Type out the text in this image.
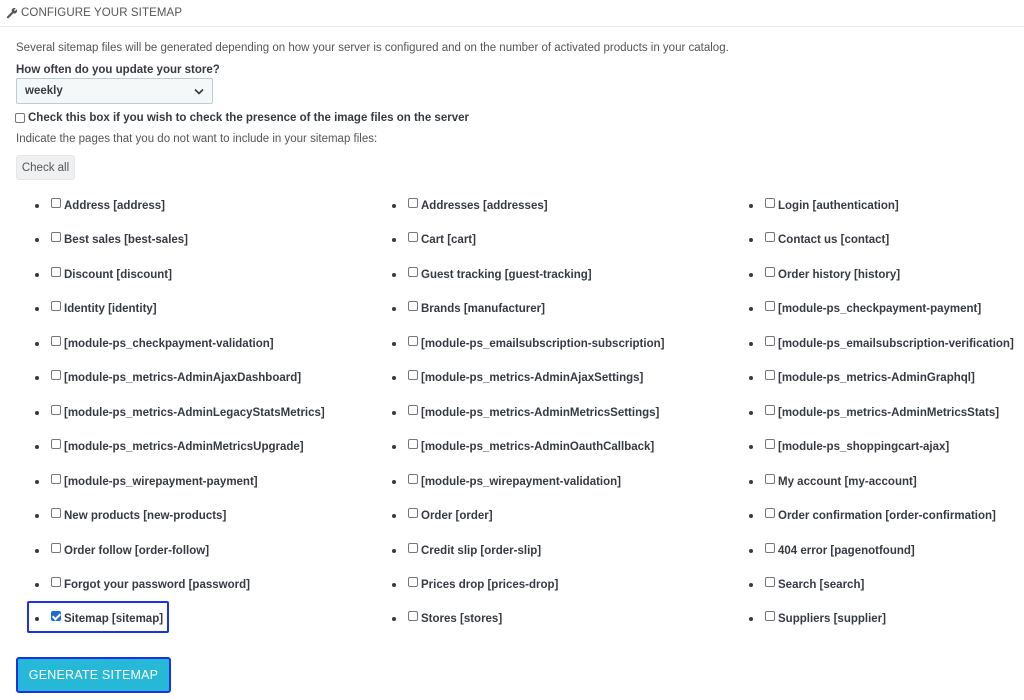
CONFIGURE YOUR SITEMAP
Several sitemap files will be generated depending on how your server is configured and on the number of activated products in your catalog.
How often do you update your store?
weekly
Check this box if you wish to check the presence of the image files on the server
Indicate the pages that you do not want to include in your sitemap files:
Check all
Address [address]
Best sales [best-sales]
Discount [discount]
Identity [identity]
[module-ps_checkpayment-validation]
[module-ps_metrics-AdminAjaxDashboard]
[module-ps_metrics-AdminLegacyStatsMetrics]
[module-ps_metrics-AdminMetricsUpgrade]
[module-ps_wirepayment-payment]
New products [new-products]
Order follow [order-follow]
Forgot your password [password]
Sitemap [sitemap]
Addresses [addresses]
Cart [cart]
Guest tracking [guest-tracking]
Brands [manufacturer]
[module-ps_emailsubscription-subscription]
[module-ps_metrics-AdminAjaxSettings]
[module-ps_metrics-AdminMetricsSettings]
[module-ps_metrics-AdminOauthCallback]
[module-ps_wirepayment-validation]
Order [order]
Credit slip [order-slip]
Prices drop [prices-drop]
Stores [stores]
Login [authentication]
Contact us [contact]
Order history [history]
[module-ps_checkpayment-payment]
[module-ps_emailsubscription-verification]
[module-ps_metrics-AdminGraphql]
[module-ps_metrics-AdminMetricsStats]
[module-ps_shoppingcart-ajax]
My account [my-account]
Order confirmation [order-confirmation]
404 error [pagenotfound]
Search [search]
Suppliers [supplier]
GENERATE SITEMAP
